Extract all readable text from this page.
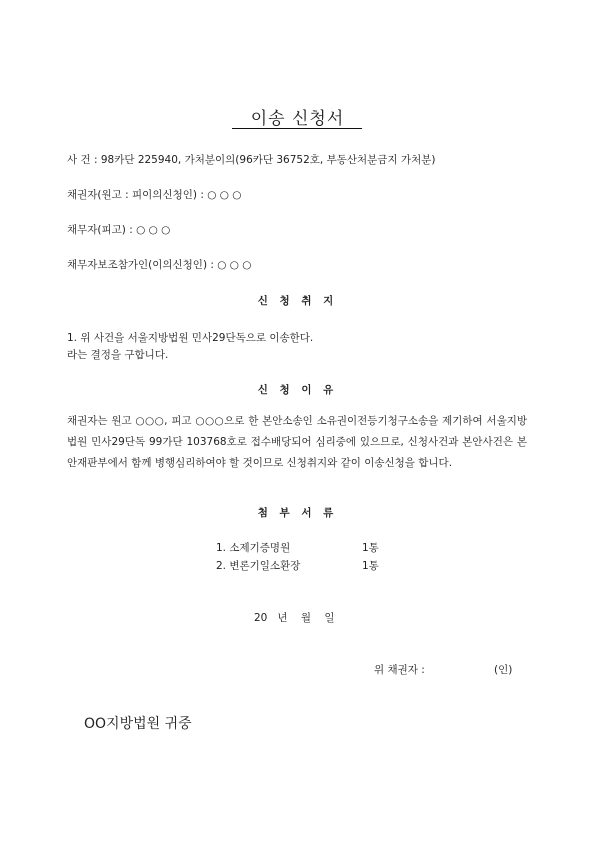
이송 신청서
사 건 : 98카단 225940, 가처분이의(96카단 36752호, 부동산처분금지 가처분)
채권자(원고 : 피이의신청인) : ○ ○ ○
채무자(피고) : ○ ○ ○
채무자보조참가인(이의신청인) : ○ ○ ○
신 청 취 지
1. 위 사건을 서울지방법원 민사29단독으로 이송한다.
라는 결정을 구합니다.
신 청 이 유
채권자는 원고 ○○○, 피고 ○○○으로 한 본안소송인 소유권이전등기청구소송을 제기하여 서울지방법원 민사29단독 99가단 103768호로 접수배당되어 심리중에 있으므로, 신청사건과 본안사건은 본안재판부에서 함께 병행심리하여야 할 것이므로 신청취지와 같이 이송신청을 합니다.
첨 부 서 류
1. 소제기증명원	1통
2. 변론기일소환장	1통
20   년    월    일
위 채권자 :	(인)
OO지방법원 귀중
